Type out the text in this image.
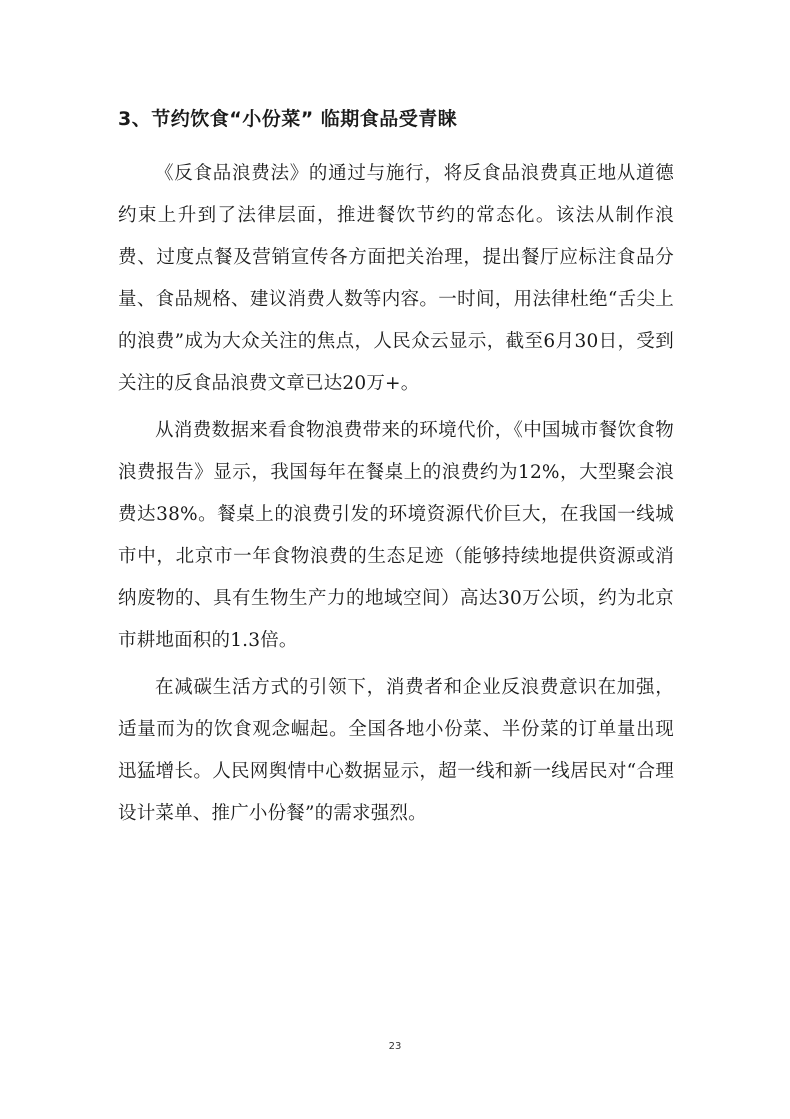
3、节约饮食“小份菜” 临期食品受青睐

《反食品浪费法》的通过与施行，将反食品浪费真正地从道德约束上升到了法律层面，推进餐饮节约的常态化。该法从制作浪费、过度点餐及营销宣传各方面把关治理，提出餐厅应标注食品分量、食品规格、建议消费人数等内容。一时间，用法律杜绝“舌尖上的浪费”成为大众关注的焦点，人民众云显示，截至6月30日，受到关注的反食品浪费文章已达20万+。

从消费数据来看食物浪费带来的环境代价，《中国城市餐饮食物浪费报告》显示，我国每年在餐桌上的浪费约为12%，大型聚会浪费达38%。餐桌上的浪费引发的环境资源代价巨大，在我国一线城市中，北京市一年食物浪费的生态足迹（能够持续地提供资源或消纳废物的、具有生物生产力的地域空间）高达30万公顷，约为北京市耕地面积的1.3倍。

在减碳生活方式的引领下，消费者和企业反浪费意识在加强，适量而为的饮食观念崛起。全国各地小份菜、半份菜的订单量出现迅猛增长。人民网舆情中心数据显示，超一线和新一线居民对“合理设计菜单、推广小份餐”的需求强烈。

23
